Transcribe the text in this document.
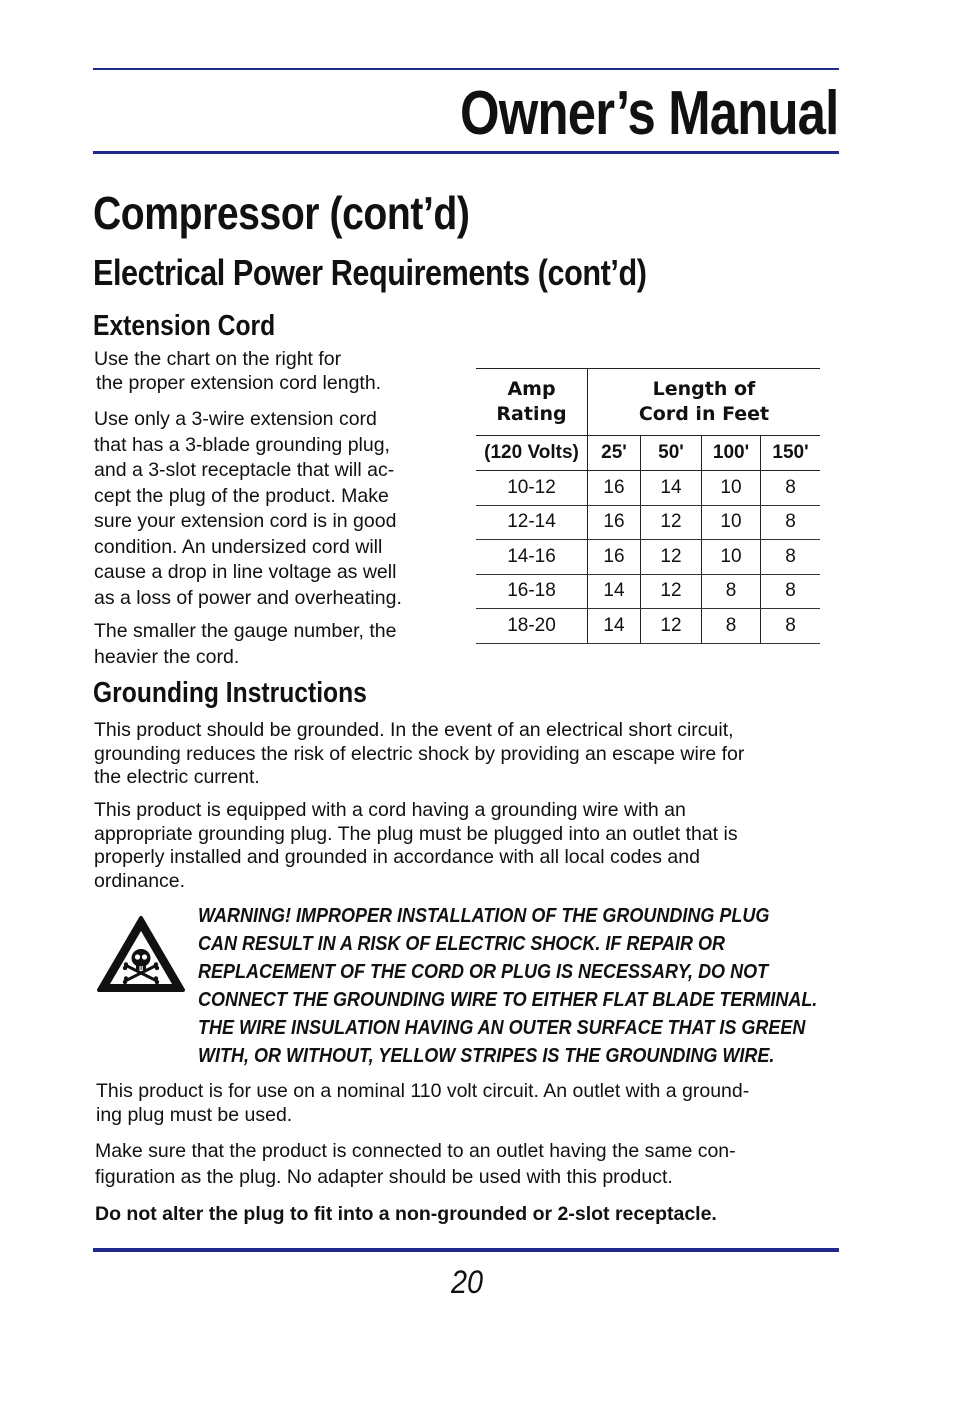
Owner’s Manual
Compressor (cont’d)
Electrical Power Requirements (cont’d)
Extension Cord

Use the chart on the right for
the proper extension cord length.

Use only a 3-wire extension cord
that has a 3-blade grounding plug,
and a 3-slot receptacle that will ac-
cept the plug of the product. Make
sure your extension cord is in good
condition. An undersized cord will
cause a drop in line voltage as well
as a loss of power and overheating.

The smaller the gauge number, the
heavier the cord.

Amp
Rating	Length of
Cord in Feet			

(120 Volts)	25'	50'	100'	150'
10-12	16	14	10	8
12-14	16	12	10	8
14-16	16	12	10	8
16-18	14	12	8	8
18-20	14	12	8	8
Grounding Instructions

This product should be grounded. In the event of an electrical short circuit,
grounding reduces the risk of electric shock by providing an escape wire for
the electric current.

This product is equipped with a cord having a grounding wire with an
appropriate grounding plug. The plug must be plugged into an outlet that is
properly installed and grounded in accordance with all local codes and
ordinance.

WARNING! IMPROPER INSTALLATION OF THE GROUNDING PLUG
CAN RESULT IN A RISK OF ELECTRIC SHOCK. IF REPAIR OR
REPLACEMENT OF THE CORD OR PLUG IS NECESSARY, DO NOT
CONNECT THE GROUNDING WIRE TO EITHER FLAT BLADE TERMINAL.
THE WIRE INSULATION HAVING AN OUTER SURFACE THAT IS GREEN
WITH, OR WITHOUT, YELLOW STRIPES IS THE GROUNDING WIRE.

This product is for use on a nominal 110 volt circuit. An outlet with a ground-
ing plug must be used.

Make sure that the product is connected to an outlet having the same con-
figuration as the plug. No adapter should be used with this product.

Do not alter the plug to fit into a non-grounded or 2-slot receptacle.

20
